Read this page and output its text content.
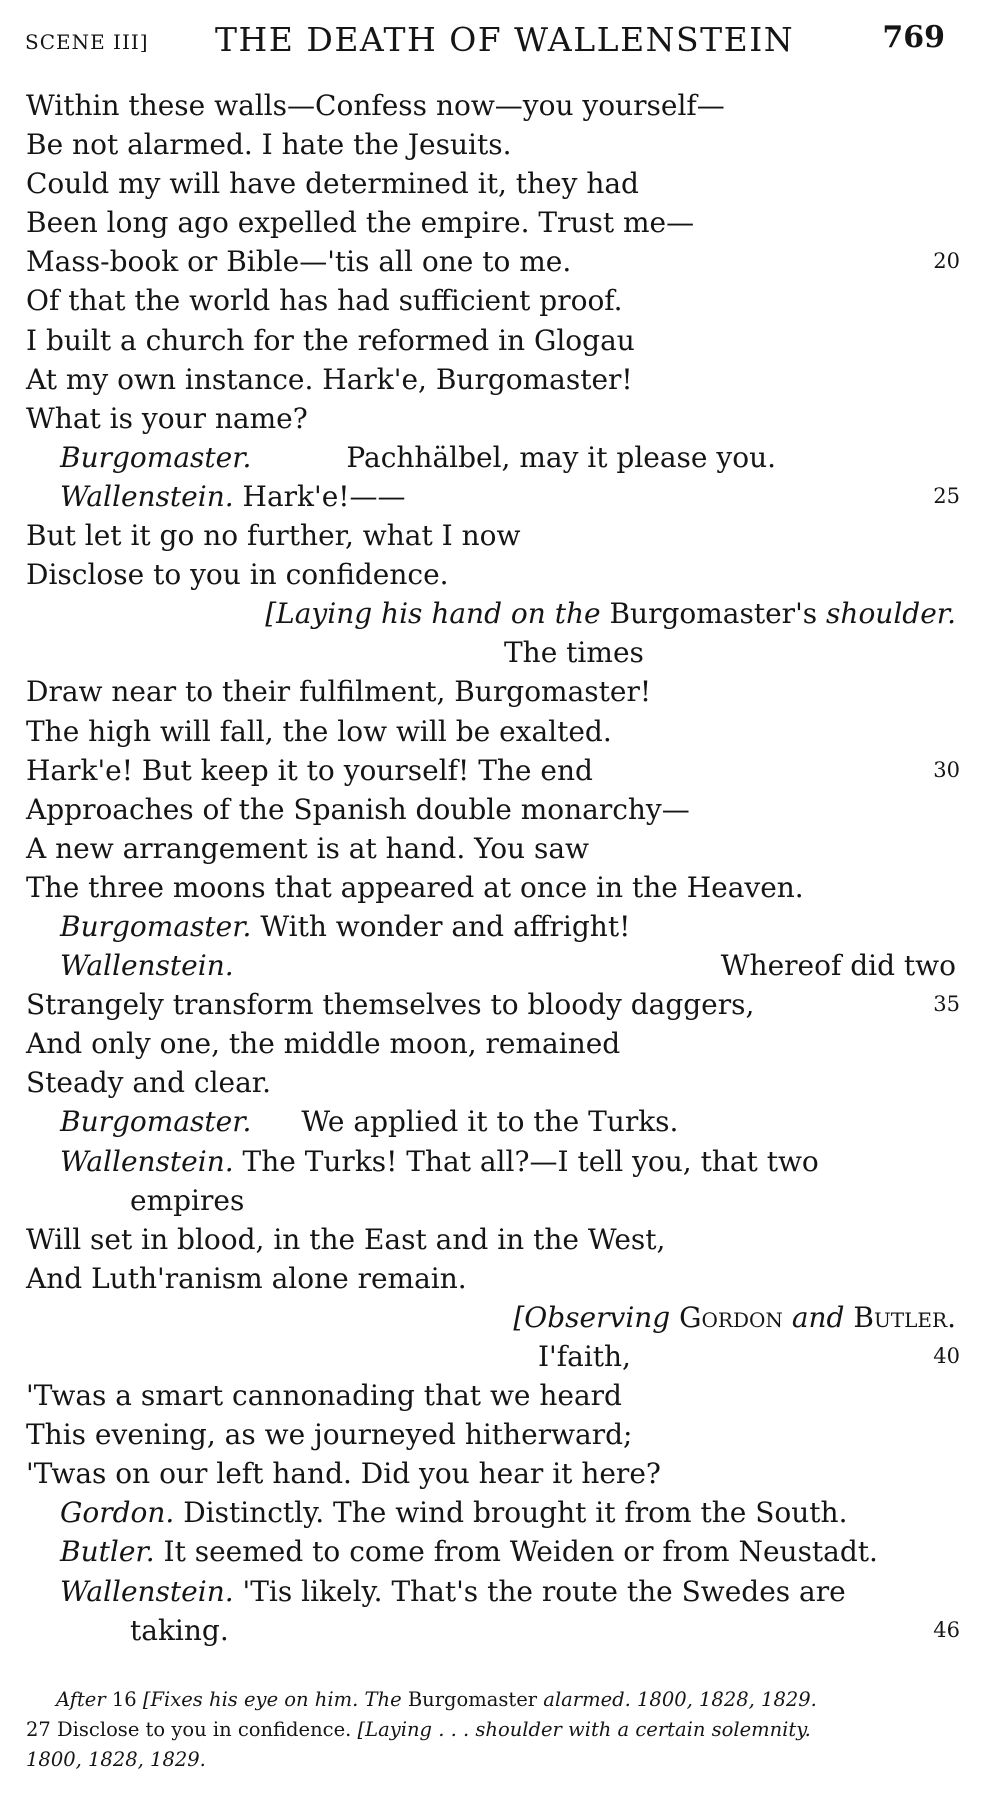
SCENE III] THE DEATH OF WALLENSTEIN	769
Within these walls—Confess now—you yourself—
Be not alarmed. I hate the Jesuits.
Could my will have determined it, they had
Been long ago expelled the empire. Trust me—
Mass-book or Bible—'tis all one to me.	20
Of that the world has had sufficient proof.
I built a church for the reformed in Glogau
At my own instance. Hark'e, Burgomaster!
What is your name?
Burgomaster.	Pachhälbel, may it please you.
Wallenstein. Hark'e!——	25
But let it go no further, what I now
Disclose to you in confidence.
[Laying his hand on the Burgomaster's shoulder.
The times
Draw near to their fulfilment, Burgomaster!
The high will fall, the low will be exalted.
Hark'e! But keep it to yourself! The end	30
Approaches of the Spanish double monarchy—
A new arrangement is at hand. You saw
The three moons that appeared at once in the Heaven.
Burgomaster. With wonder and affright!
Wallenstein.	Whereof did two
Strangely transform themselves to bloody daggers,	35
And only one, the middle moon, remained
Steady and clear.
Burgomaster. We applied it to the Turks.
Wallenstein. The Turks! That all?—I tell you, that two
empires
Will set in blood, in the East and in the West,
And Luth'ranism alone remain.
[Observing Gordon and Butler.
I'faith,	40
'Twas a smart cannonading that we heard
This evening, as we journeyed hitherward;
'Twas on our left hand. Did you hear it here?
Gordon. Distinctly. The wind brought it from the South.
Butler. It seemed to come from Weiden or from Neustadt.
Wallenstein. 'Tis likely. That's the route the Swedes are
taking.	46
After 16 [Fixes his eye on him. The Burgomaster alarmed. 1800, 1828, 1829.
27 Disclose to you in confidence. [Laying . . . shoulder with a certain solemnity.
1800, 1828, 1829.
